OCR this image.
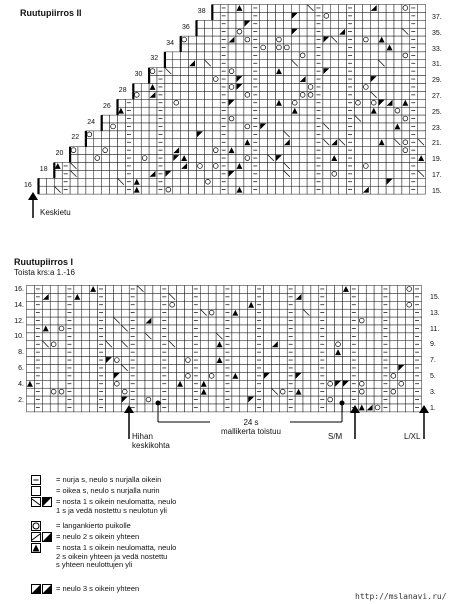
Ruutupiirros II	38
36
34
32
30
28
26
24
22
20
18
16
37.
35.
33.
31.
29.
27.
25.
23.
21.
19.
17.
15.
Keskietu
Ruutupiirros I
Toista krs:a 1.-16
16.
14.
12.
10.
8.
6.
4.
2.
15.
13.
11.
9.
7.
5.
3.
1.
Hihan
keskikohta
24 s
mallikerta toistuu
S/M	L/XL
= nurja s, neulo s nurjalla oikein
= oikea s, neulo s nurjalla nurin
= nosta 1 s oikein neulomatta, neulo
1 s ja vedä nostettu s neulotun yli
= langankierto puikolle
= neulo 2 s oikein yhteen
= nosta 1 s oikein neulomatta, neulo
2 s oikein yhteen ja vedä nostettu
s yhteen neulottujen yli
= neulo 3 s oikein yhteen
http://mslanavi.ru/
